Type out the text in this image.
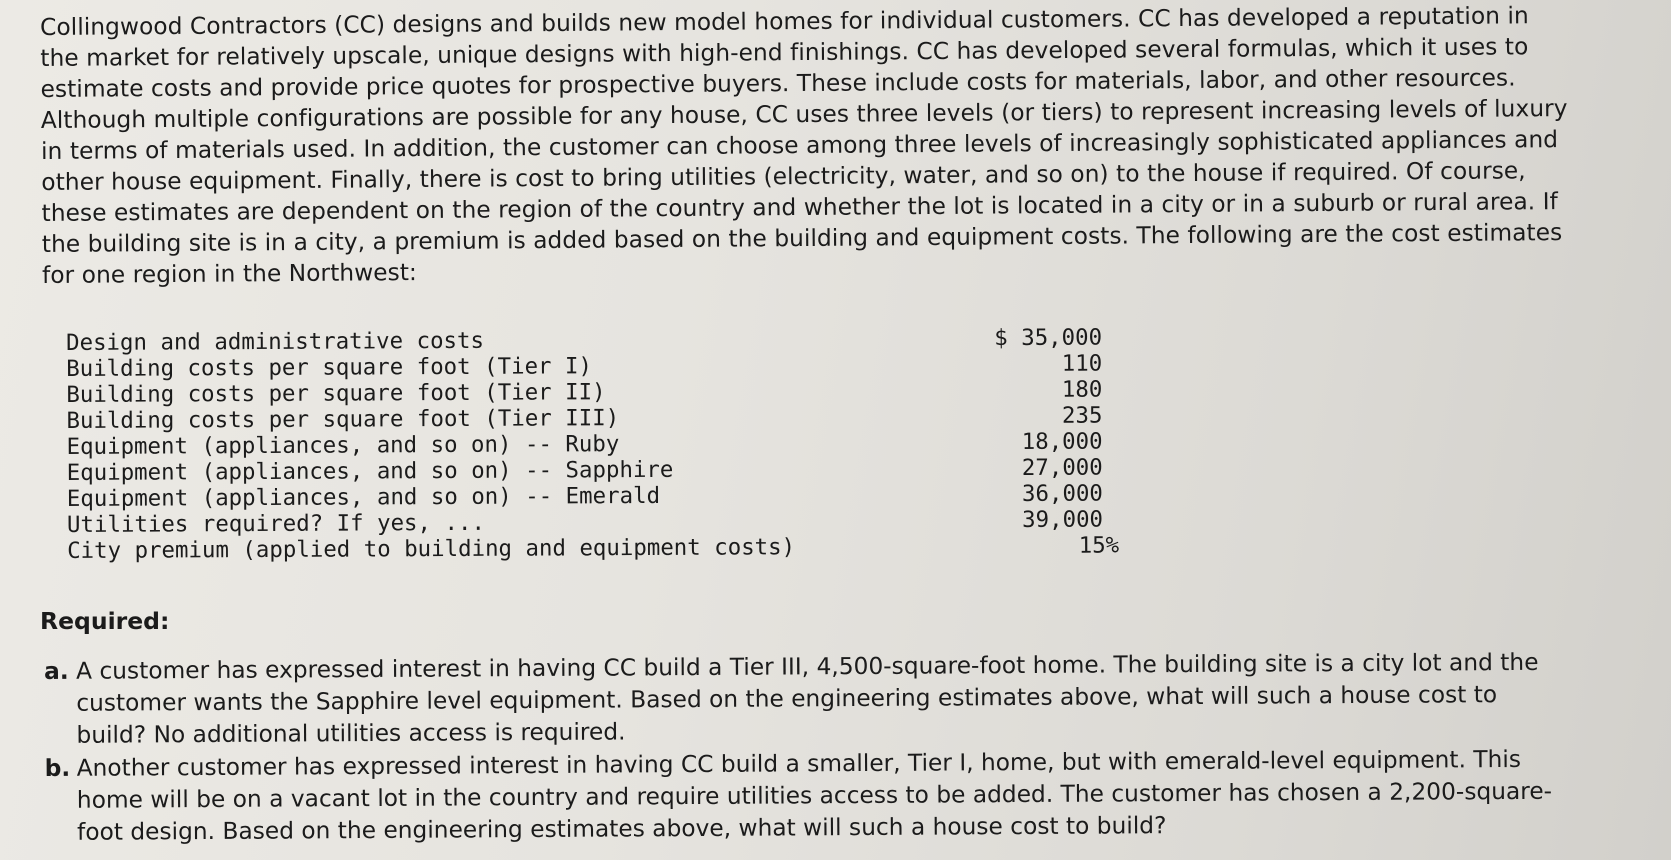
Collingwood Contractors (CC) designs and builds new model homes for individual customers. CC has developed a reputation in
the market for relatively upscale, unique designs with high-end finishings. CC has developed several formulas, which it uses to
estimate costs and provide price quotes for prospective buyers. These include costs for materials, labor, and other resources.
Although multiple configurations are possible for any house, CC uses three levels (or tiers) to represent increasing levels of luxury
in terms of materials used. In addition, the customer can choose among three levels of increasingly sophisticated appliances and
other house equipment. Finally, there is cost to bring utilities (electricity, water, and so on) to the house if required. Of course,
these estimates are dependent on the region of the country and whether the lot is located in a city or in a suburb or rural area. If
the building site is in a city, a premium is added based on the building and equipment costs. The following are the cost estimates
for one region in the Northwest:

Design and administrative costs	$ 35,000
Building costs per square foot (Tier I)	110
Building costs per square foot (Tier II)	180
Building costs per square foot (Tier III)	235
Equipment (appliances, and so on) -- Ruby	18,000
Equipment (appliances, and so on) -- Sapphire	27,000
Equipment (appliances, and so on) -- Emerald	36,000
Utilities required? If yes, ...	39,000
City premium (applied to building and equipment costs)	15%
Required:
a. A customer has expressed interest in having CC build a Tier III, 4,500-square-foot home. The building site is a city lot and the
customer wants the Sapphire level equipment. Based on the engineering estimates above, what will such a house cost to
build? No additional utilities access is required.
b. Another customer has expressed interest in having CC build a smaller, Tier I, home, but with emerald-level equipment. This
home will be on a vacant lot in the country and require utilities access to be added. The customer has chosen a 2,200-square-
foot design. Based on the engineering estimates above, what will such a house cost to build?
